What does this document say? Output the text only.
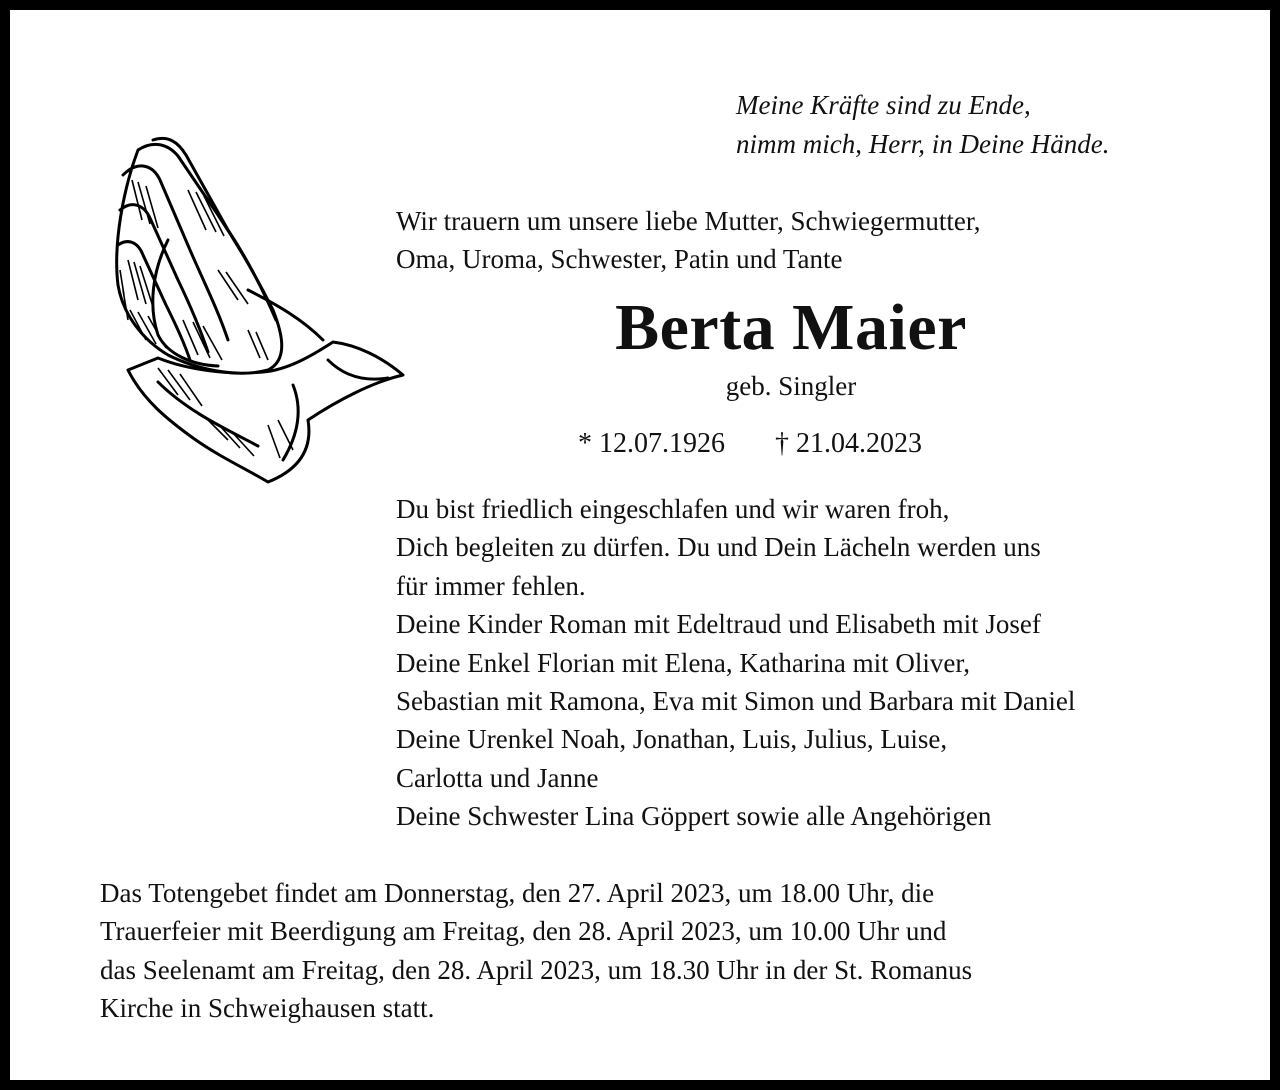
Meine Kräfte sind zu Ende,
nimm mich, Herr, in Deine Hände.
Wir trauern um unsere liebe Mutter, Schwiegermutter,
Oma, Uroma, Schwester, Patin und Tante
Berta Maier
geb. Singler
* 12.07.1926 † 21.04.2023
Du bist friedlich eingeschlafen und wir waren froh,
Dich begleiten zu dürfen. Du und Dein Lächeln werden uns
für immer fehlen.
Deine Kinder Roman mit Edeltraud und Elisabeth mit Josef
Deine Enkel Florian mit Elena, Katharina mit Oliver,
Sebastian mit Ramona, Eva mit Simon und Barbara mit Daniel
Deine Urenkel Noah, Jonathan, Luis, Julius, Luise,
Carlotta und Janne
Deine Schwester Lina Göppert sowie alle Angehörigen
Das Totengebet findet am Donnerstag, den 27. April 2023, um 18.00 Uhr, die
Trauerfeier mit Beerdigung am Freitag, den 28. April 2023, um 10.00 Uhr und
das Seelenamt am Freitag, den 28. April 2023, um 18.30 Uhr in der St. Romanus
Kirche in Schweighausen statt.
